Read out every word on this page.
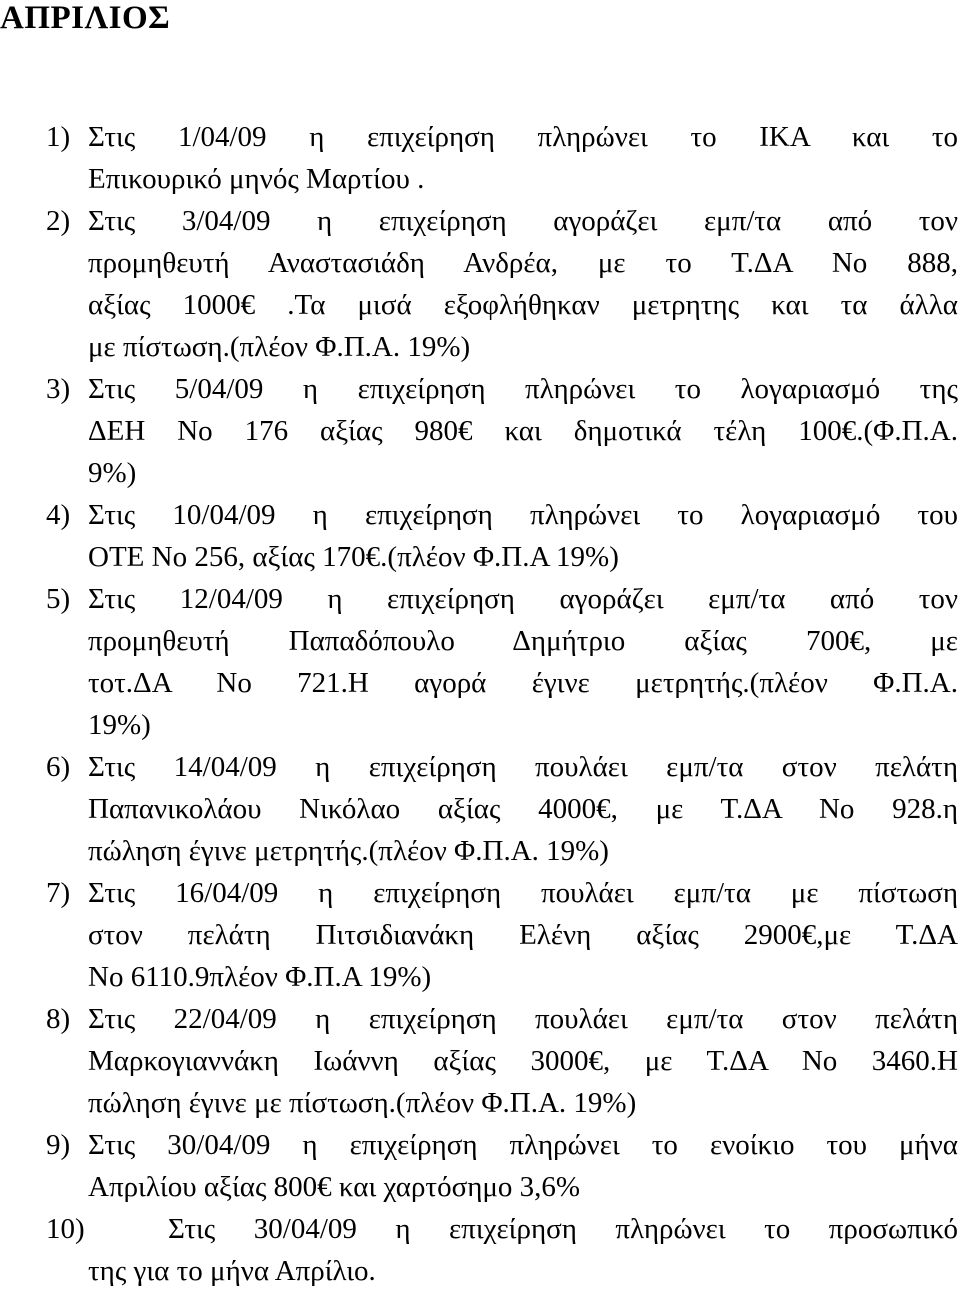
ΑΠΡΙΛΙΟΣ
1) Στις 1/04/09 η επιχείρηση πληρώνει το ΙΚΑ και το
Επικουρικό μηνός Μαρτίου .
2) Στις 3/04/09 η επιχείρηση αγοράζει εμπ/τα από τον
προμηθευτή Αναστασιάδη Ανδρέα, με το Τ.ΔΑ Νο 888,
αξίας 1000€ .Τα μισά εξοφλήθηκαν μετρητης και τα άλλα
με πίστωση.(πλέον Φ.Π.Α. 19%)
3) Στις 5/04/09 η επιχείρηση πληρώνει το λογαριασμό της
ΔΕΗ Νο 176 αξίας 980€ και δημοτικά τέλη 100€.(Φ.Π.Α.
9%)
4) Στις 10/04/09 η επιχείρηση πληρώνει το λογαριασμό του
ΟΤΕ Νο 256, αξίας 170€.(πλέον Φ.Π.Α 19%)
5) Στις 12/04/09 η επιχείρηση αγοράζει εμπ/τα από τον
προμηθευτή Παπαδόπουλο Δημήτριο αξίας 700€, με
τοτ.ΔΑ Νο 721.Η αγορά έγινε μετρητής.(πλέον Φ.Π.Α.
19%)
6) Στις 14/04/09 η επιχείρηση πουλάει εμπ/τα στον πελάτη
Παπανικολάου Νικόλαο αξίας 4000€, με Τ.ΔΑ Νο 928.η
πώληση έγινε μετρητής.(πλέον Φ.Π.Α. 19%)
7) Στις 16/04/09 η επιχείρηση πουλάει εμπ/τα με πίστωση
στον πελάτη Πιτσιδιανάκη Ελένη αξίας 2900€,με Τ.ΔΑ
Νο 6110.9πλέον Φ.Π.Α 19%)
8) Στις 22/04/09 η επιχείρηση πουλάει εμπ/τα στον πελάτη
Μαρκογιαννάκη Ιωάννη αξίας 3000€, με Τ.ΔΑ Νο 3460.Η
πώληση έγινε με πίστωση.(πλέον Φ.Π.Α. 19%)
9) Στις 30/04/09 η επιχείρηση πληρώνει το ενοίκιο του μήνα
Απριλίου αξίας 800€ και χαρτόσημο 3,6%
10)	Στις 30/04/09 η επιχείρηση πληρώνει το προσωπικό
της για το μήνα Απρίλιο.
